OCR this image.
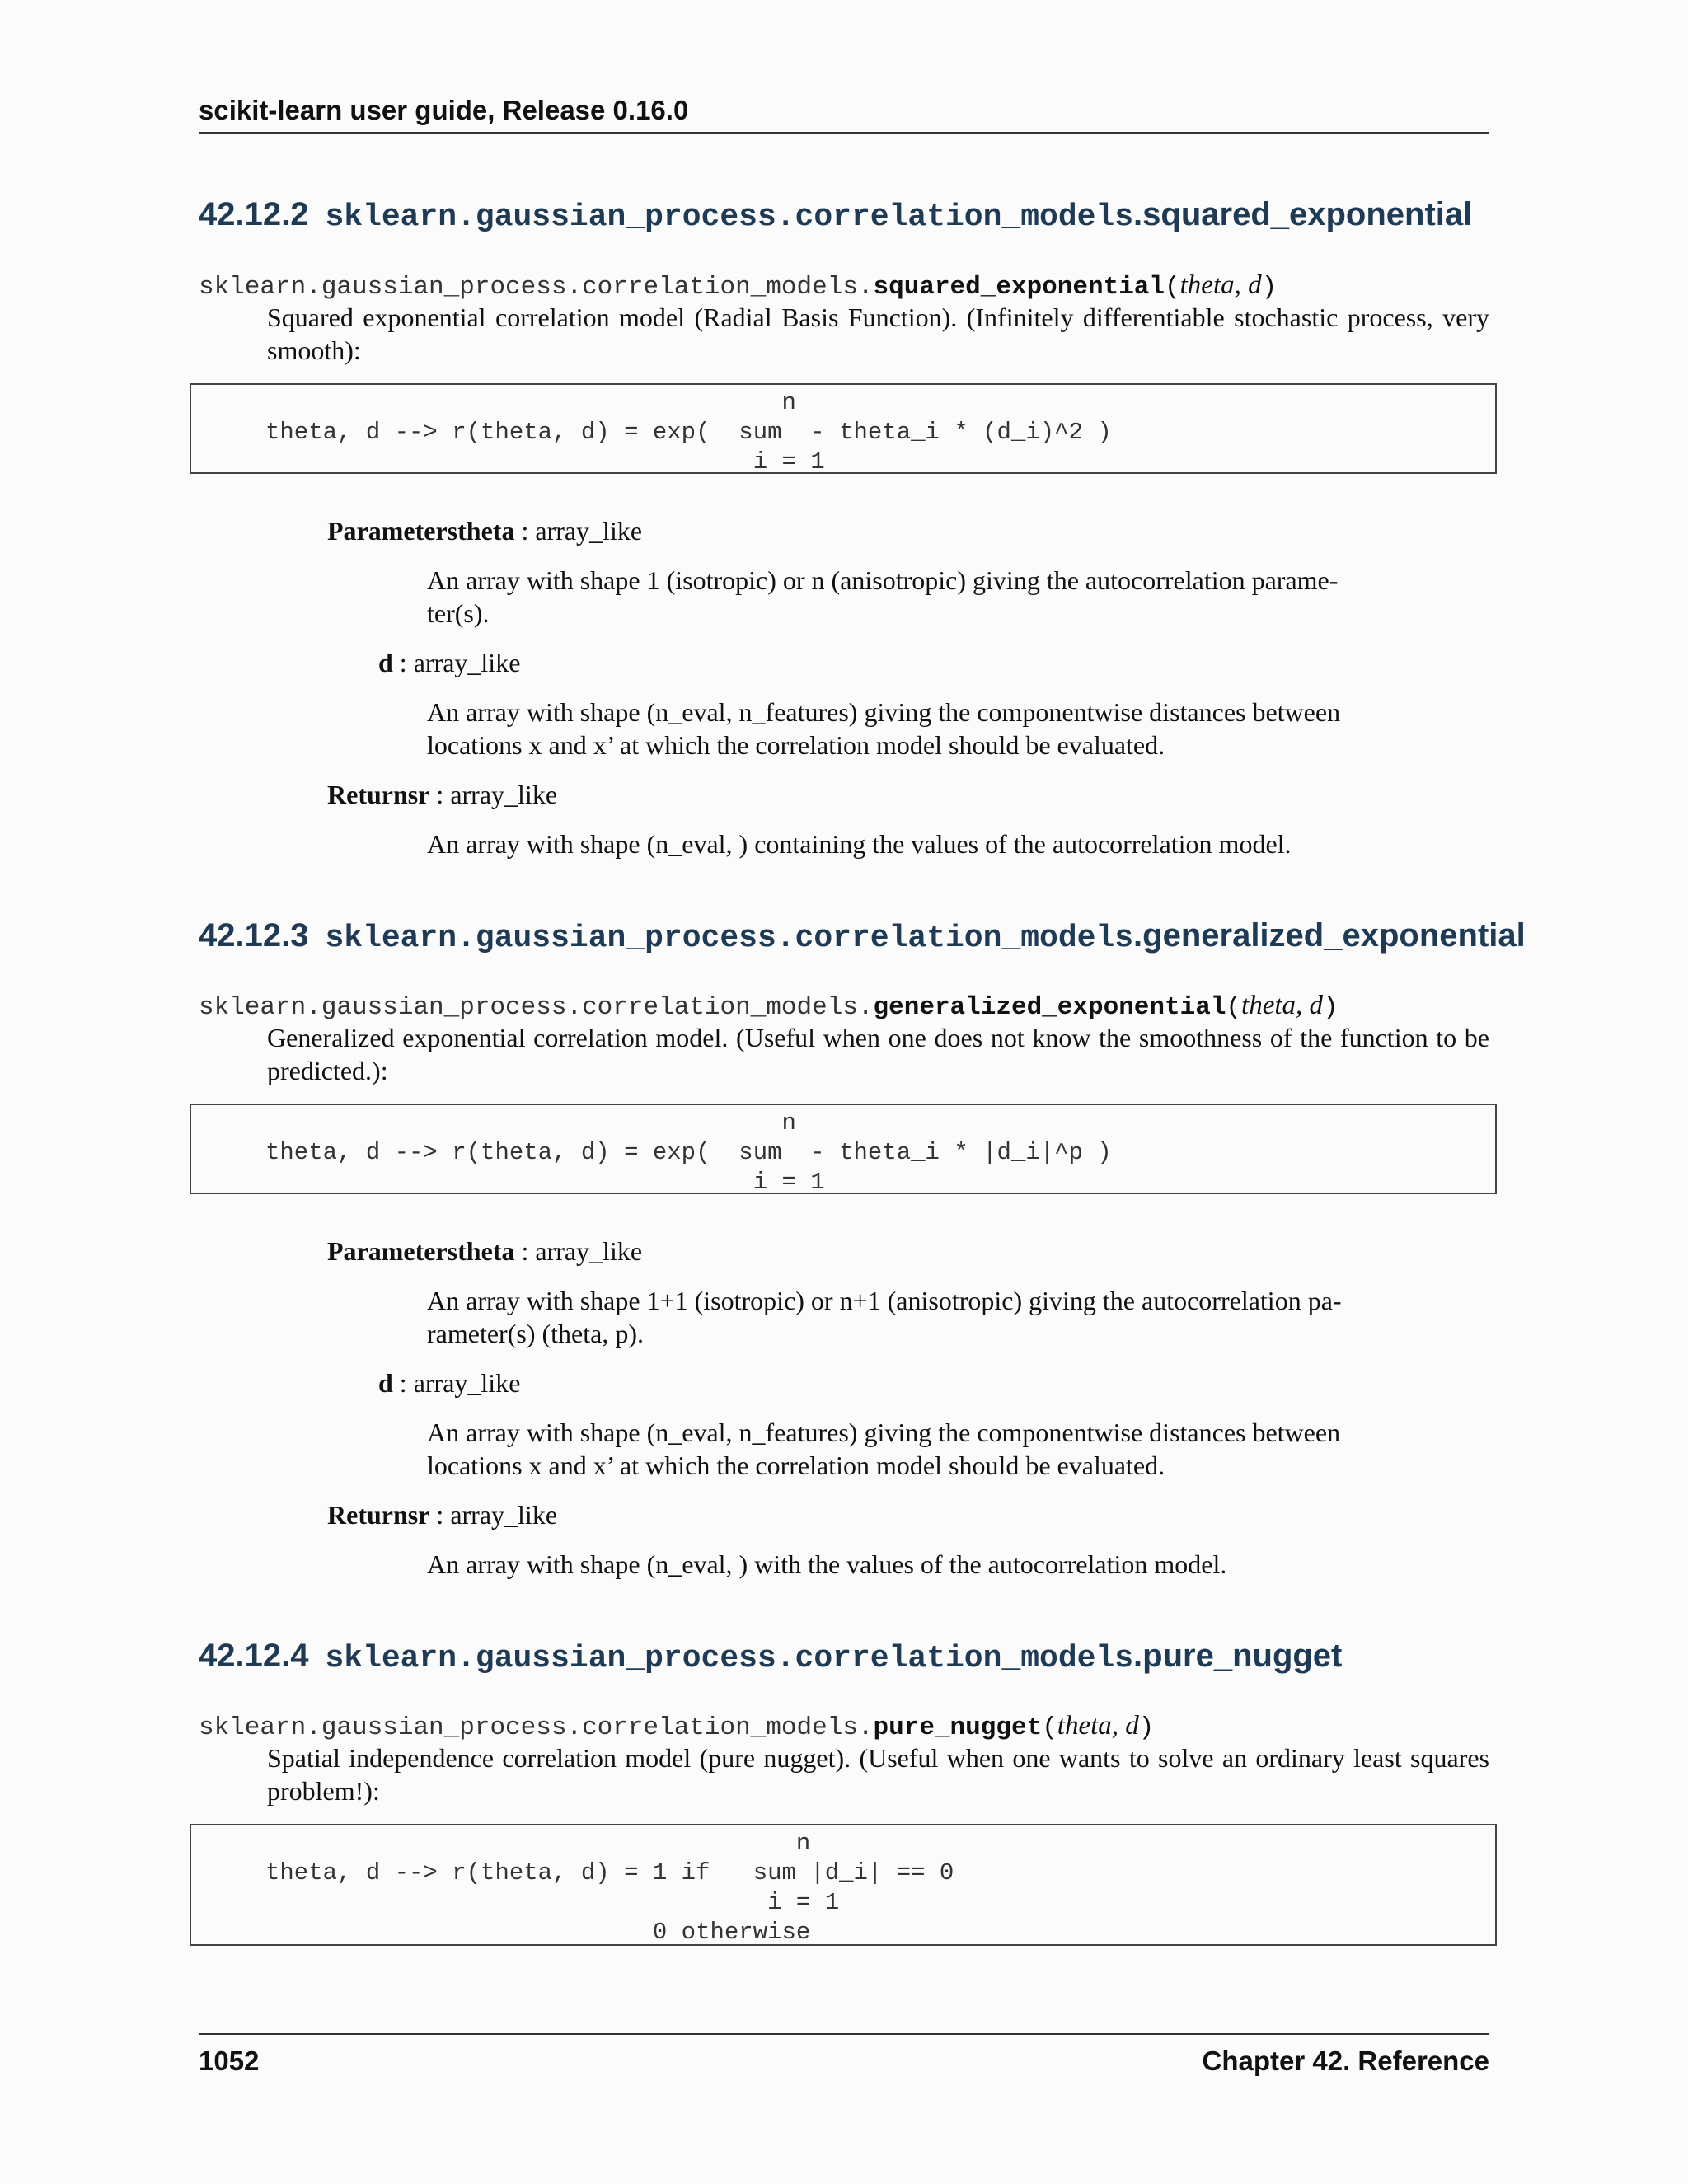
scikit-learn user guide, Release 0.16.0
42.12.2 sklearn.gaussian_process.correlation_models.squared_exponential
sklearn.gaussian_process.correlation_models.squared_exponential(theta, d)
Squared exponential correlation model (Radial Basis Function). (Infinitely differentiable stochastic process, very smooth):
n
theta, d --> r(theta, d) = exp(  sum  - theta_i * (d_i)^2 )
i = 1
Parameterstheta : array_like
An array with shape 1 (isotropic) or n (anisotropic) giving the autocorrelation parame-ter(s).
d : array_like
An array with shape (n_eval, n_features) giving the componentwise distances between locations x and x’ at which the correlation model should be evaluated.
Returnsr : array_like
An array with shape (n_eval, ) containing the values of the autocorrelation model.
42.12.3 sklearn.gaussian_process.correlation_models.generalized_exponential
sklearn.gaussian_process.correlation_models.generalized_exponential(theta, d)
Generalized exponential correlation model. (Useful when one does not know the smoothness of the function to be predicted.):
n
theta, d --> r(theta, d) = exp(  sum  - theta_i * |d_i|^p )
i = 1
Parameterstheta : array_like
An array with shape 1+1 (isotropic) or n+1 (anisotropic) giving the autocorrelation pa-rameter(s) (theta, p).
d : array_like
An array with shape (n_eval, n_features) giving the componentwise distances between locations x and x’ at which the correlation model should be evaluated.
Returnsr : array_like
An array with shape (n_eval, ) with the values of the autocorrelation model.
42.12.4 sklearn.gaussian_process.correlation_models.pure_nugget
sklearn.gaussian_process.correlation_models.pure_nugget(theta, d)
Spatial independence correlation model (pure nugget). (Useful when one wants to solve an ordinary least squares problem!):
n
theta, d --> r(theta, d) = 1 if   sum |d_i| == 0
i = 1
0 otherwise
1052	Chapter 42. Reference
